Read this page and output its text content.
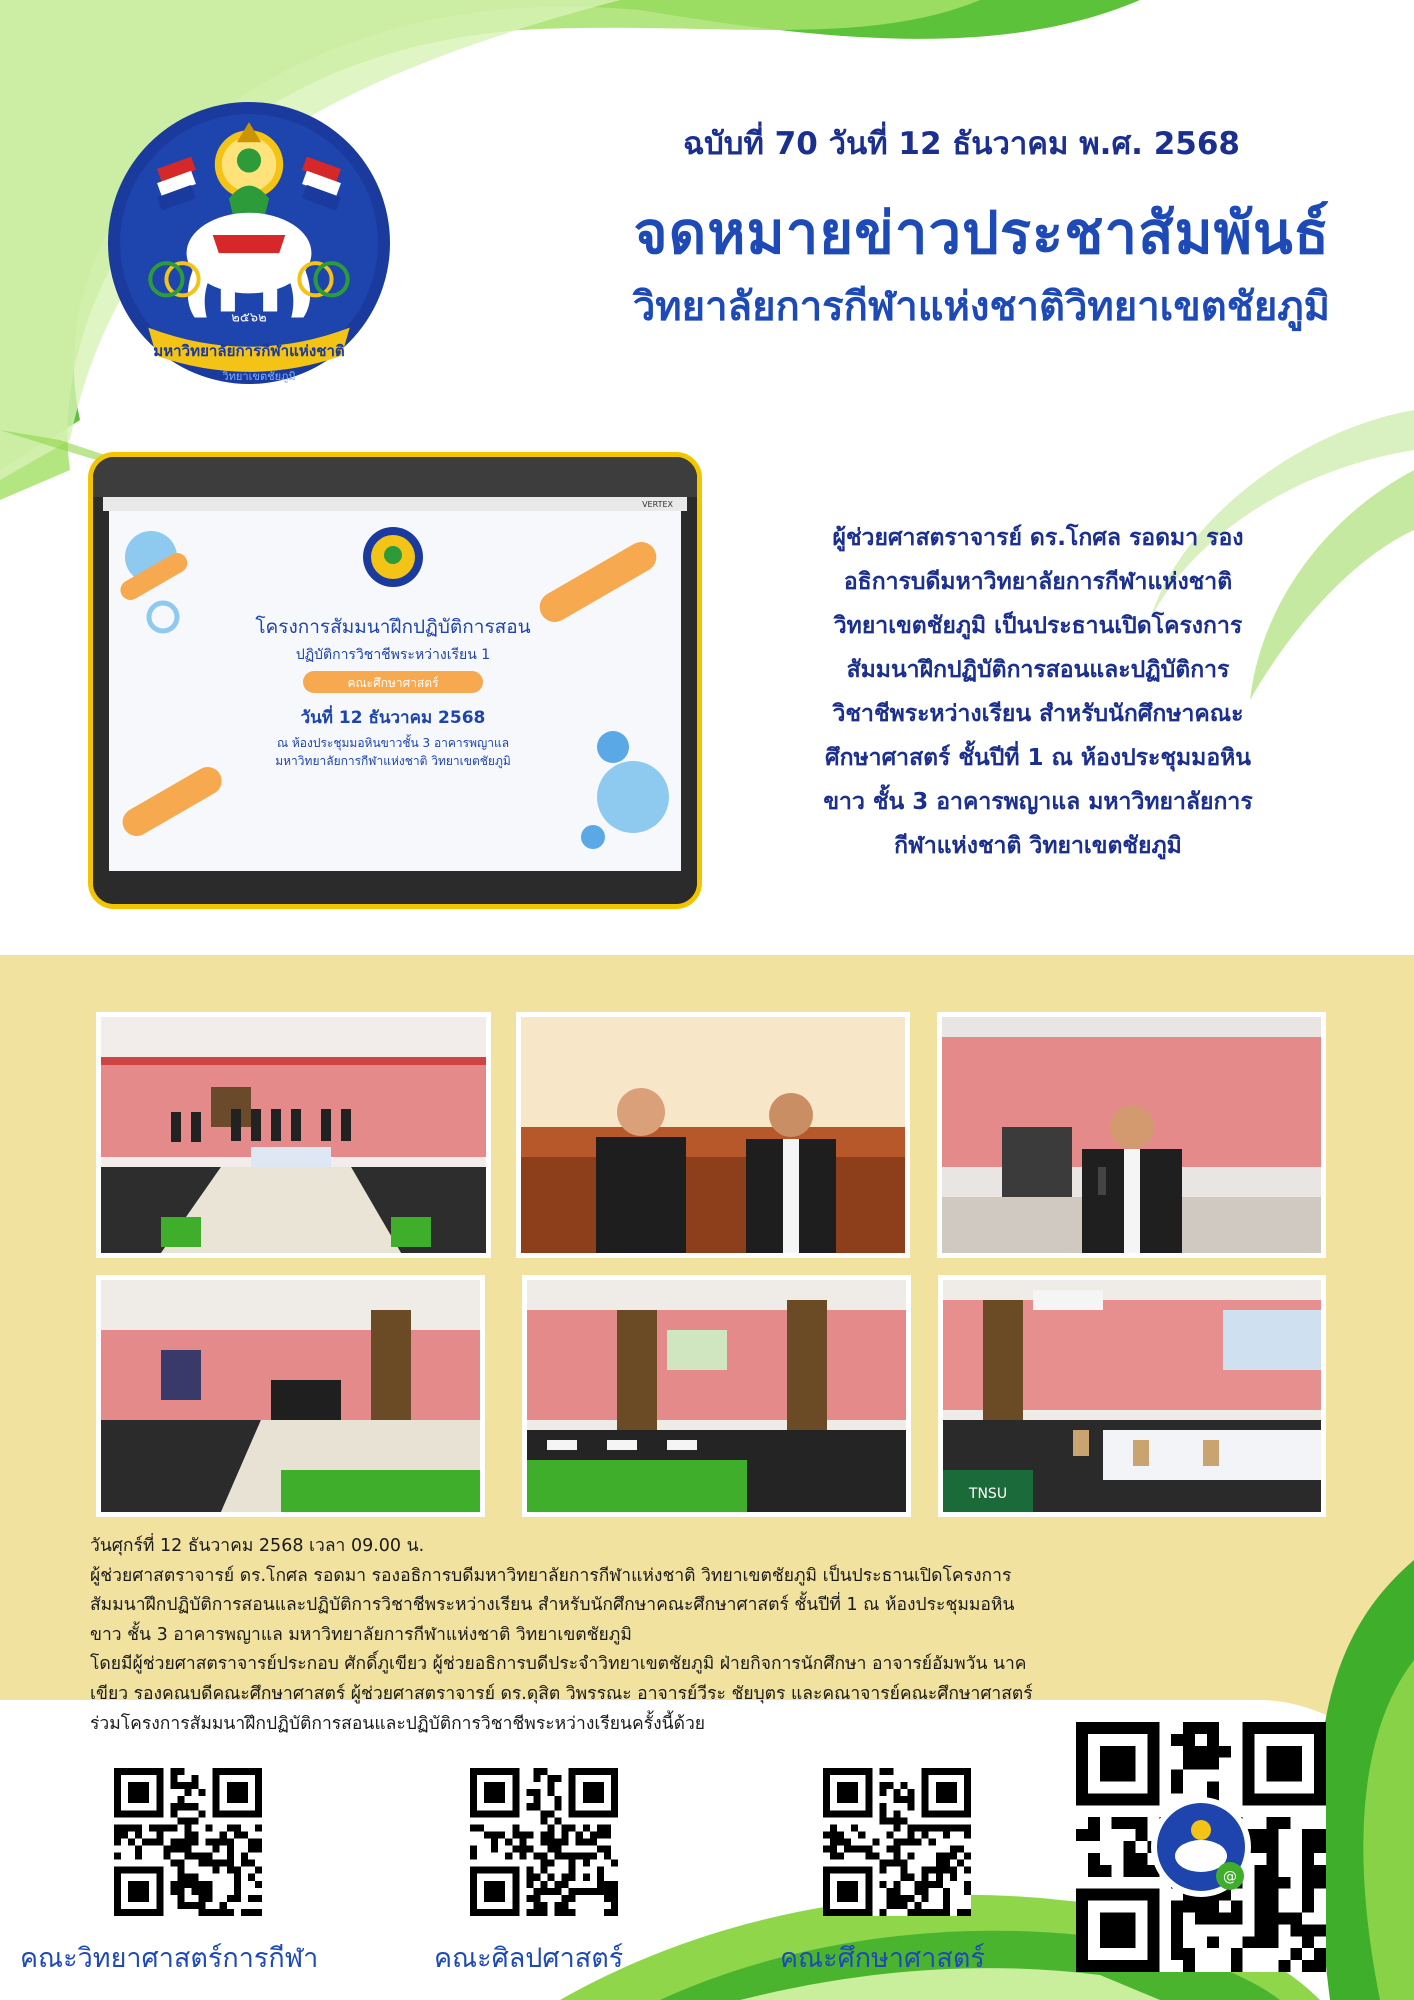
มหาวิทยาลัยการกีฬาแห่งชาติ
๒๕๖๒
วิทยาเขตชัยภูมิ
ฉบับที่ 70 วันที่ 12 ธันวาคม พ.ศ. 2568
จดหมายข่าวประชาสัมพันธ์
วิทยาลัยการกีฬาแห่งชาติวิทยาเขตชัยภูมิ
VERTEX
โครงการสัมมนาฝึกปฏิบัติการสอน
ปฏิบัติการวิชาชีพระหว่างเรียน 1
คณะศึกษาศาสตร์
วันที่ 12 ธันวาคม 2568
ณ ห้องประชุมมอหินขาวชั้น 3 อาคารพญาแล
มหาวิทยาลัยการกีฬาแห่งชาติ วิทยาเขตชัยภูมิ
ผู้ช่วยศาสตราจารย์ ดร.โกศล รอดมา รอง
อธิการบดีมหาวิทยาลัยการกีฬาแห่งชาติ
วิทยาเขตชัยภูมิ เป็นประธานเปิดโครงการ
สัมมนาฝึกปฏิบัติการสอนและปฏิบัติการ
วิชาชีพระหว่างเรียน สำหรับนักศึกษาคณะ
ศึกษาศาสตร์ ชั้นปีที่ 1 ณ ห้องประชุมมอหิน
ขาว ชั้น 3 อาคารพญาแล มหาวิทยาลัยการ
กีฬาแห่งชาติ วิทยาเขตชัยภูมิ
TNSU

วันศุกร์ที่ 12 ธันวาคม 2568 เวลา 09.00 น.

ผู้ช่วยศาสตราจารย์ ดร.โกศล รอดมา รองอธิการบดีมหาวิทยาลัยการกีฬาแห่งชาติ วิทยาเขตชัยภูมิ เป็นประธานเปิดโครงการ

สัมมนาฝึกปฏิบัติการสอนและปฏิบัติการวิชาชีพระหว่างเรียน สำหรับนักศึกษาคณะศึกษาศาสตร์ ชั้นปีที่ 1 ณ ห้องประชุมมอหิน

ขาว ชั้น 3 อาคารพญาแล มหาวิทยาลัยการกีฬาแห่งชาติ วิทยาเขตชัยภูมิ

โดยมีผู้ช่วยศาสตราจารย์ประกอบ ศักดิ์ภูเขียว ผู้ช่วยอธิการบดีประจำวิทยาเขตชัยภูมิ ฝ่ายกิจการนักศึกษา อาจารย์อัมพวัน นาค

เขียว รองคณบดีคณะศึกษาศาสตร์ ผู้ช่วยศาสตราจารย์ ดร.ดุสิต วิพรรณะ อาจารย์วีระ ชัยบุตร และคณาจารย์คณะศึกษาศาสตร์

ร่วมโครงการสัมมนาฝึกปฏิบัติการสอนและปฏิบัติการวิชาชีพระหว่างเรียนครั้งนี้ด้วย

@
คณะวิทยาศาสตร์การกีฬา	คณะศิลปศาสตร์	คณะศึกษาศาสตร์
